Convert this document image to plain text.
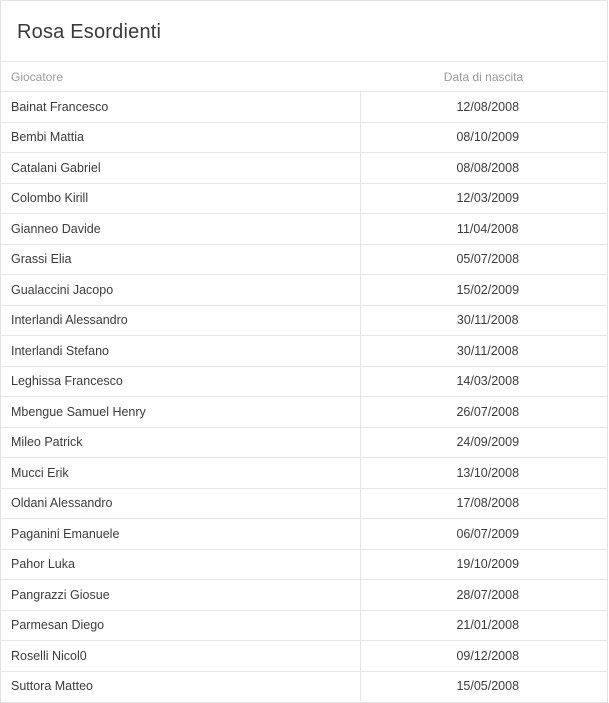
Rosa Esordienti
Giocatore	Data di nascita
Bainat Francesco	12/08/2008
Bembi Mattia	08/10/2009
Catalani Gabriel	08/08/2008
Colombo Kirill	12/03/2009
Gianneo Davide	11/04/2008
Grassi Elia	05/07/2008
Gualaccini Jacopo	15/02/2009
Interlandi Alessandro	30/11/2008
Interlandi Stefano	30/11/2008
Leghissa Francesco	14/03/2008
Mbengue Samuel Henry	26/07/2008
Mileo Patrick	24/09/2009
Mucci Erik	13/10/2008
Oldani Alessandro	17/08/2008
Paganini Emanuele	06/07/2009
Pahor Luka	19/10/2009
Pangrazzi Giosue	28/07/2008
Parmesan Diego	21/01/2008
Roselli Nicol0	09/12/2008
Suttora Matteo	15/05/2008
